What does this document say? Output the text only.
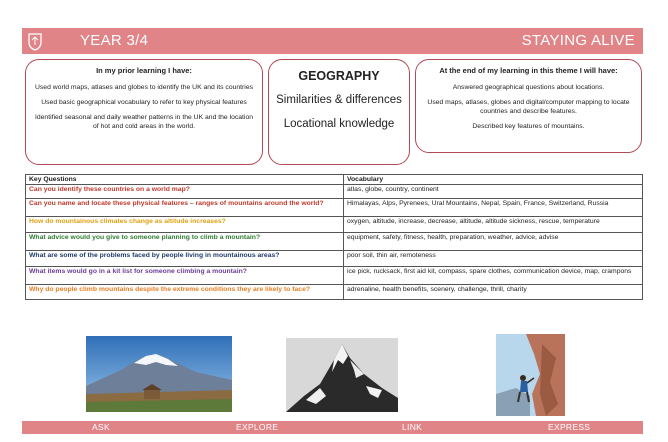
YEAR 3/4	STAYING ALIVE
In my prior learning I have:

Used world maps, atlases and globes to identify the UK and its countries

Used basic geographical vocabulary to refer to key physical features

Identified seasonal and daily weather patterns in the UK and the location of hot and cold areas in the world.

GEOGRAPHY
Similarities & differences
Locational knowledge
At the end of my learning in this theme I will have:

Answered geographical questions about locations.

Used maps, atlases, globes and digital/computer mapping to locate countries and describe features.

Described key features of mountains.

Key Questions	Vocabulary
Can you identify these countries on a world map?	atlas, globe, country, continent
Can you name and locate these physical features – ranges of mountains around the world?	Himalayas, Alps, Pyrenees, Ural Mountains, Nepal, Spain, France, Switzerland, Russia
How do mountainous climates change as altitude increases?	oxygen, altitude, increase, decrease, altitude, altitude sickness, rescue, temperature
What advice would you give to someone planning to climb a mountain?	equipment, safety, fitness, health, preparation, weather, advice, advise
What are some of the problems faced by people living in mountainous areas?	poor soil, thin air, remoteness
What items would go in a kit list for someone climbing a mountain?	ice pick, rucksack, first aid kit, compass, spare clothes, communication device, map, crampons
Why do people climb mountains despite the extreme conditions they are likely to face?	adrenaline, health benefits, scenery, challenge, thrill, charity
ASK	EXPLORE	LINK	EXPRESS
